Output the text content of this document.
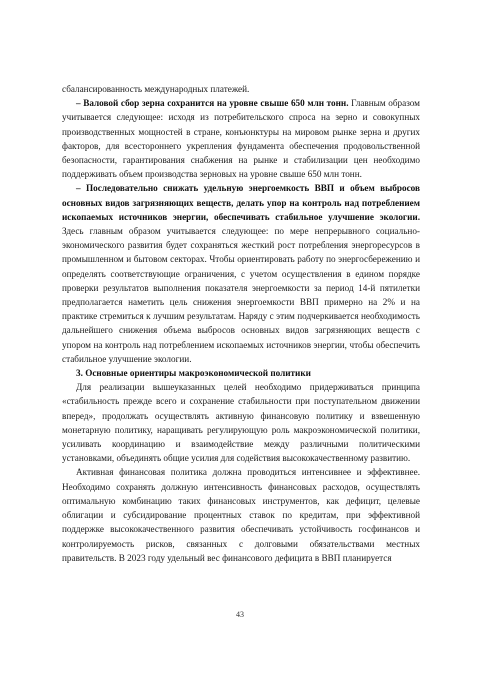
сбалансированность международных платежей.

– Валовой сбор зерна сохранится на уровне свыше 650 млн тонн. Главным образом учитывается следующее: исходя из потребительского спроса на зерно и совокупных производственных мощностей в стране, конъюнктуры на мировом рынке зерна и других факторов, для всестороннего укрепления фундамента обеспечения продовольственной безопасности, гарантирования снабжения на рынке и стабилизации цен необходимо поддерживать объем производства зерновых на уровне свыше 650 млн тонн.

– Последовательно снижать удельную энергоемкость ВВП и объем выбросов основных видов загрязняющих веществ, делать упор на контроль над потреблением ископаемых источников энергии, обеспечивать стабильное улучшение экологии. Здесь главным образом учитывается следующее: по мере непрерывного социально-экономического развития будет сохраняться жесткий рост потребления энергоресурсов в промышленном и бытовом секторах. Чтобы ориентировать работу по энергосбережению и определять соответствующие ограничения, с учетом осуществления в едином порядке проверки результатов выполнения показателя энергоемкости за период 14-й пятилетки предполагается наметить цель снижения энергоемкости ВВП примерно на 2% и на практике стремиться к лучшим результатам. Наряду с этим подчеркивается необходимость дальнейшего снижения объема выбросов основных видов загрязняющих веществ с упором на контроль над потреблением ископаемых источников энергии, чтобы обеспечить стабильное улучшение экологии.

3. Основные ориентиры макроэкономической политики

Для реализации вышеуказанных целей необходимо придерживаться принципа «стабильность прежде всего и сохранение стабильности при поступательном движении вперед», продолжать осуществлять активную финансовую политику и взвешенную монетарную политику, наращивать регулирующую роль макроэкономической политики, усиливать координацию и взаимодействие между различными политическими установками, объединять общие усилия для содействия высококачественному развитию.

Активная финансовая политика должна проводиться интенсивнее и эффективнее. Необходимо сохранять должную интенсивность финансовых расходов, осуществлять оптимальную комбинацию таких финансовых инструментов, как дефицит, целевые облигации и субсидирование процентных ставок по кредитам, при эффективной поддержке высококачественного развития обеспечивать устойчивость госфинансов и контролируемость рисков, связанных с долговыми обязательствами местных правительств. В 2023 году удельный вес финансового дефицита в ВВП планируется

43
